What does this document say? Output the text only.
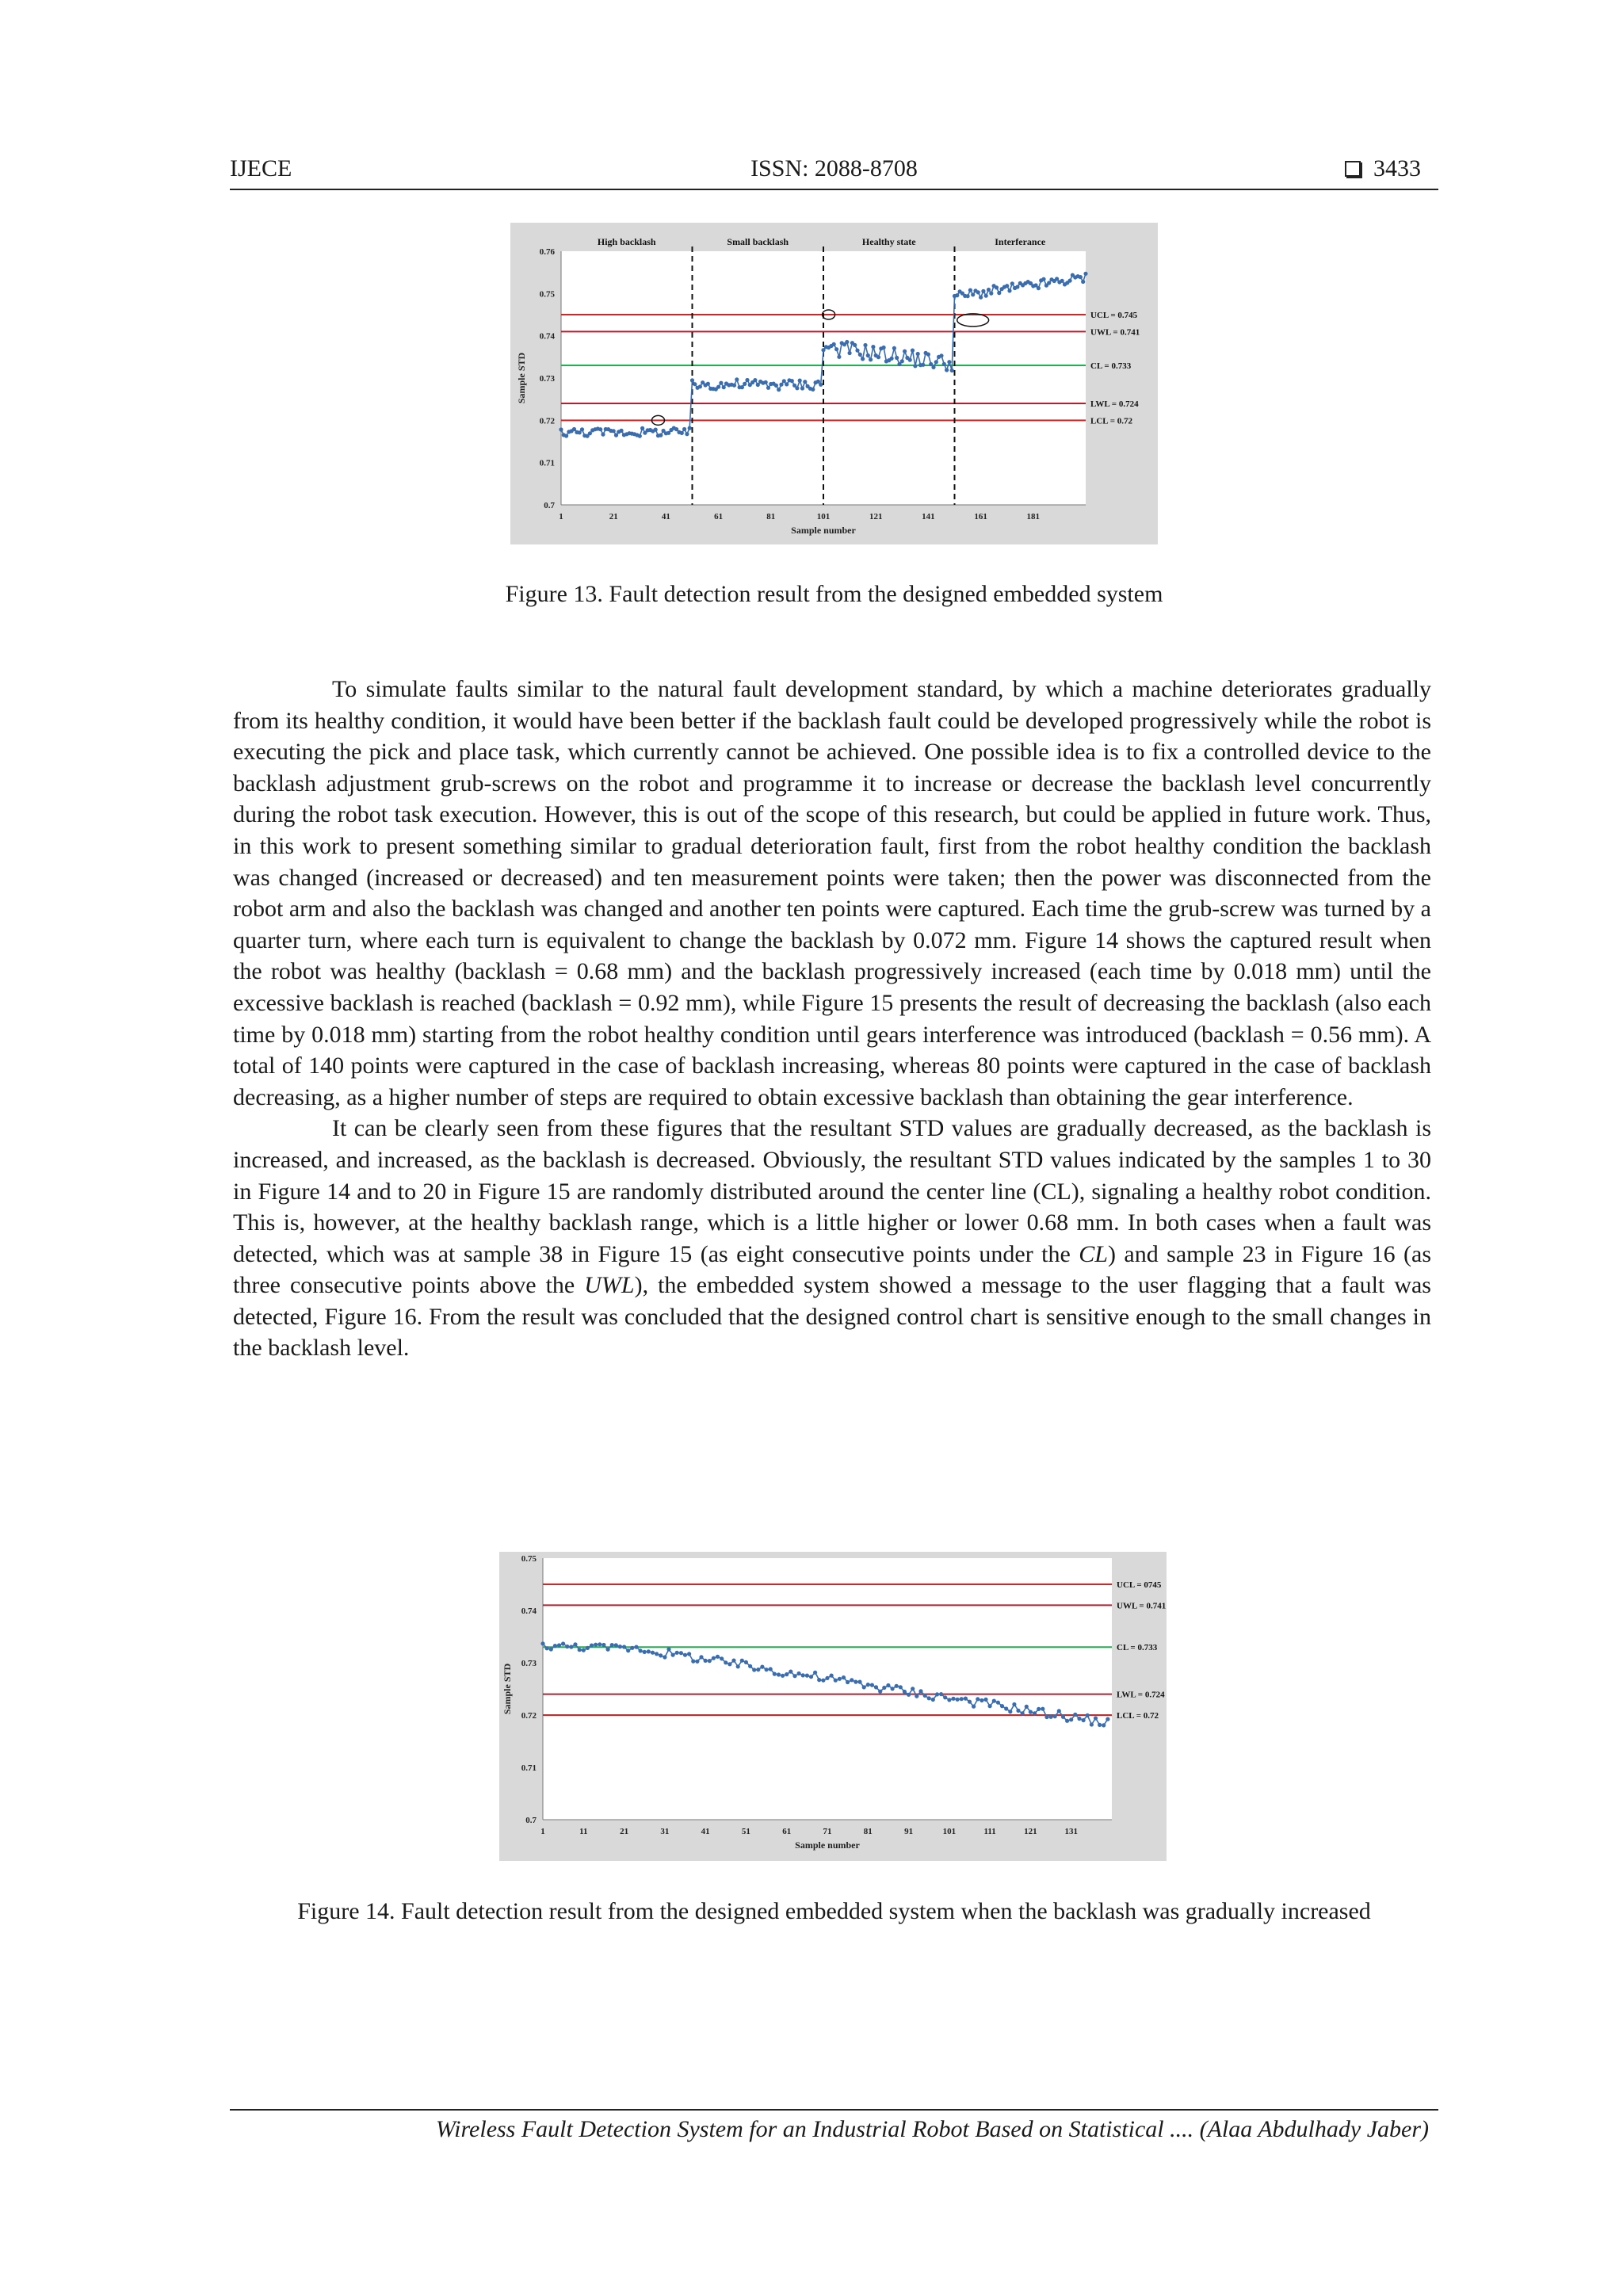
IJECE	ISSN: 2088-8708	3433
0.7
0.71
0.72
0.73
0.74
0.75
0.76
1	21	41	61	81	101	121	141	161	181
Sample STD
Sample number
UCL = 0.745
UWL = 0.741
CL = 0.733
LWL = 0.724
LCL = 0.72
High backlash	Small backlash	Healthy state	Interferance
Figure 13. Fault detection result from the designed embedded system

To simulate faults similar to the natural fault development standard, by which a machine deteriorates gradually from its healthy condition, it would have been better if the backlash fault could be developed progressively while the robot is executing the pick and place task, which currently cannot be achieved. One possible idea is to fix a controlled device to the backlash adjustment grub-screws on the robot and programme it to increase or decrease the backlash level concurrently during the robot task execution. However, this is out of the scope of this research, but could be applied in future work. Thus, in this work to present something similar to gradual deterioration fault, first from the robot healthy condition the backlash was changed (increased or decreased) and ten measurement points were taken; then the power was disconnected from the robot arm and also the backlash was changed and another ten points were captured. Each time the grub-screw was turned by a quarter turn, where each turn is equivalent to change the backlash by 0.072 mm. Figure 14 shows the captured result when the robot was healthy (backlash = 0.68 mm) and the backlash progressively increased (each time by 0.018 mm) until the excessive backlash is reached (backlash = 0.92 mm), while Figure 15 presents the result of decreasing the backlash (also each time by 0.018 mm) starting from the robot healthy condition until gears interference was introduced (backlash = 0.56 mm). A total of 140 points were captured in the case of backlash increasing, whereas 80 points were captured in the case of backlash decreasing, as a higher number of steps are required to obtain excessive backlash than obtaining the gear interference.

It can be clearly seen from these figures that the resultant STD values are gradually decreased, as the backlash is increased, and increased, as the backlash is decreased. Obviously, the resultant STD values indicated by the samples 1 to 30 in Figure 14 and to 20 in Figure 15 are randomly distributed around the center line (CL), signaling a healthy robot condition. This is, however, at the healthy backlash range, which is a little higher or lower 0.68 mm. In both cases when a fault was detected, which was at sample 38 in Figure 15 (as eight consecutive points under the CL) and sample 23 in Figure 16 (as three consecutive points above the UWL), the embedded system showed a message to the user flagging that a fault was detected, Figure 16. From the result was concluded that the designed control chart is sensitive enough to the small changes in the backlash level.

0.7
0.71
0.72
0.73
0.74
0.75
1	11	21	31	41	51	61	71	81	91	101	111	121	131
Sample STD
Sample number
UCL = 0745
UWL = 0.741
CL = 0.733
LWL = 0.724
LCL = 0.72
Figure 14. Fault detection result from the designed embedded system when the backlash was gradually increased
Wireless Fault Detection System for an Industrial Robot Based on Statistical .... (Alaa Abdulhady Jaber)
